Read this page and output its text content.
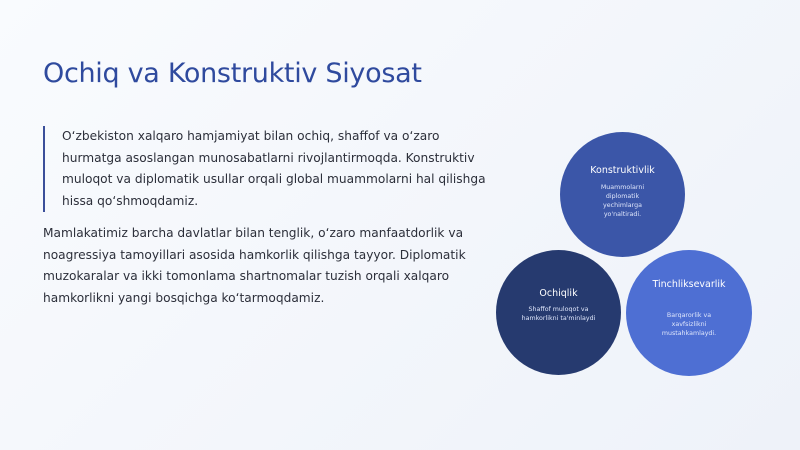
Ochiq va Konstruktiv Siyosat
O‘zbekiston xalqaro hamjamiyat bilan ochiq, shaffof va o‘zaro hurmatga asoslangan munosabatlarni rivojlantirmoqda. Konstruktiv muloqot va diplomatik usullar orqali global muammolarni hal qilishga hissa qo‘shmoqdamiz.
Mamlakatimiz barcha davlatlar bilan tenglik, o‘zaro manfaatdorlik va noagressiya tamoyillari asosida hamkorlik qilishga tayyor. Diplomatik muzokaralar va ikki tomonlama shartnomalar tuzish orqali xalqaro hamkorlikni yangi bosqichga ko‘tarmoqdamiz.
Konstruktivlik
Muammolarni diplomatik yechimlarga yo'naltiradi.
Ochiqlik
Shaffof muloqot va hamkorlikni ta'minlaydi
Tinchliksevarlik
Barqarorlik va xavfsizlikni mustahkamlaydi.
